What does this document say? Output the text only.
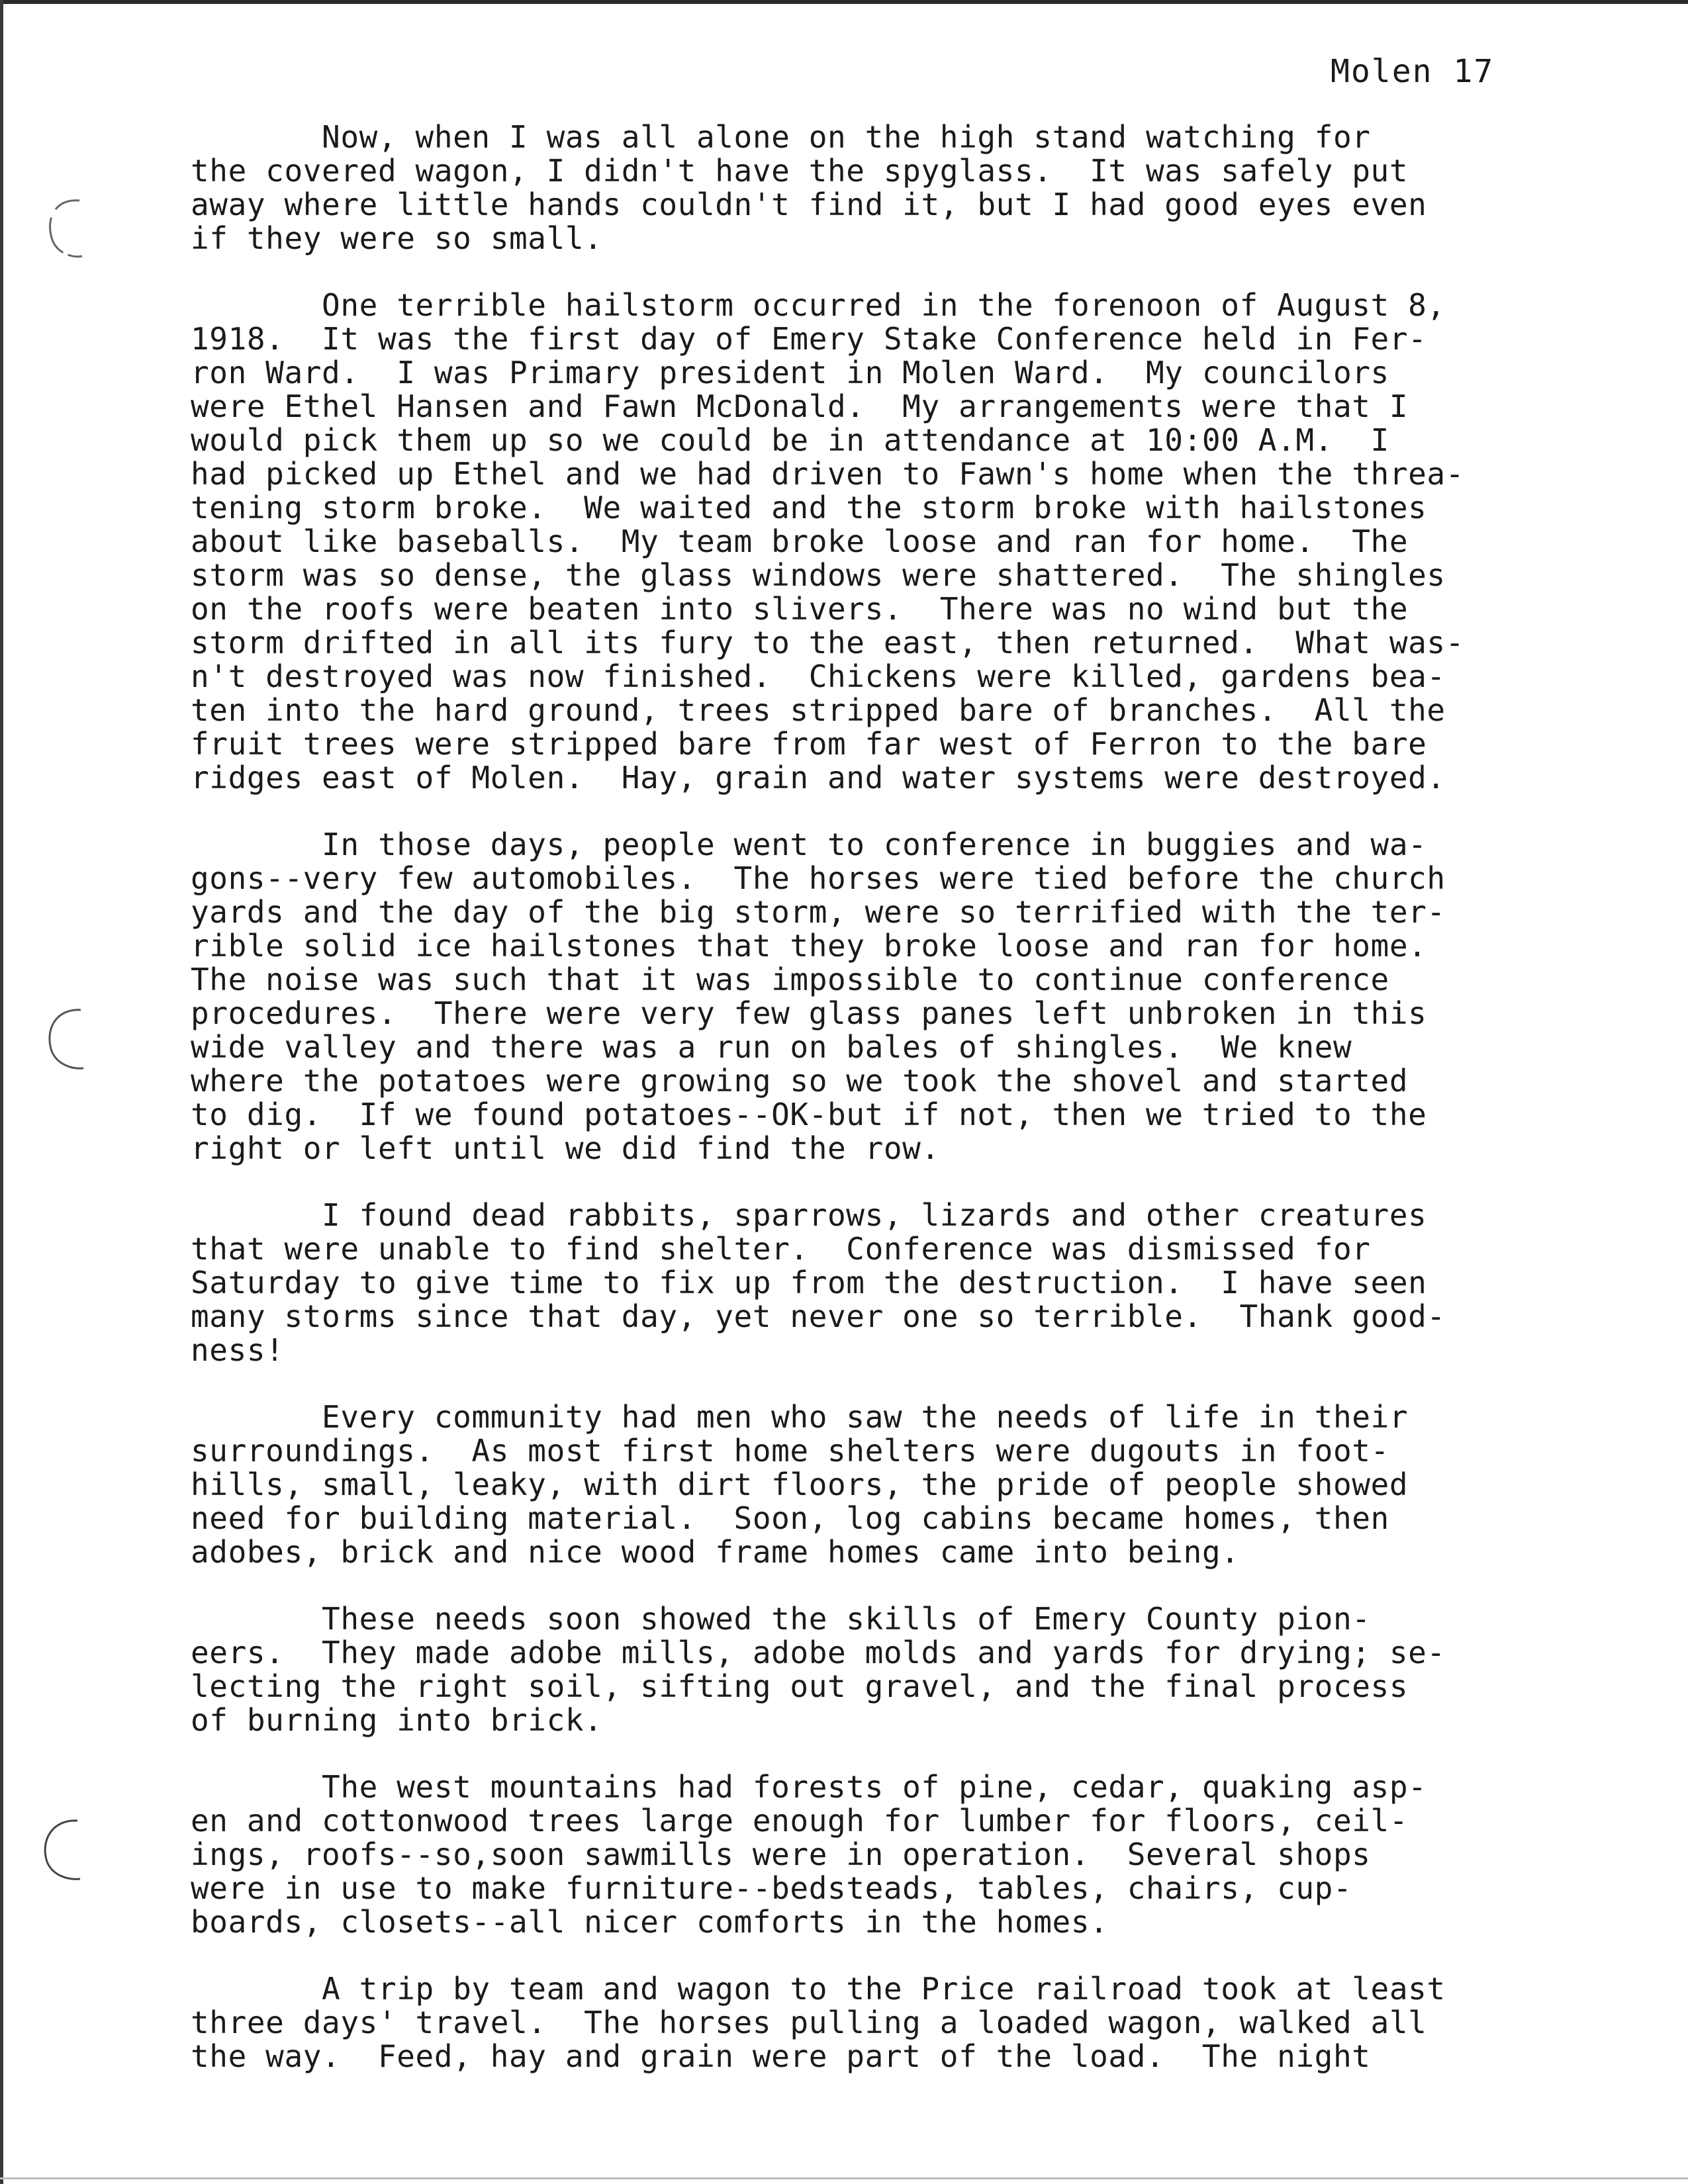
Molen 17
Now, when I was all alone on the high stand watching for
the covered wagon, I didn't have the spyglass.  It was safely put
away where little hands couldn't find it, but I had good eyes even
if they were so small.
One terrible hailstorm occurred in the forenoon of August 8,
1918.  It was the first day of Emery Stake Conference held in Fer-
ron Ward.  I was Primary president in Molen Ward.  My councilors
were Ethel Hansen and Fawn McDonald.  My arrangements were that I
would pick them up so we could be in attendance at 10:00 A.M.  I
had picked up Ethel and we had driven to Fawn's home when the threa-
tening storm broke.  We waited and the storm broke with hailstones
about like baseballs.  My team broke loose and ran for home.  The
storm was so dense, the glass windows were shattered.  The shingles
on the roofs were beaten into slivers.  There was no wind but the
storm drifted in all its fury to the east, then returned.  What was-
n't destroyed was now finished.  Chickens were killed, gardens bea-
ten into the hard ground, trees stripped bare of branches.  All the
fruit trees were stripped bare from far west of Ferron to the bare
ridges east of Molen.  Hay, grain and water systems were destroyed.
In those days, people went to conference in buggies and wa-
gons--very few automobiles.  The horses were tied before the church
yards and the day of the big storm, were so terrified with the ter-
rible solid ice hailstones that they broke loose and ran for home.
The noise was such that it was impossible to continue conference
procedures.  There were very few glass panes left unbroken in this
wide valley and there was a run on bales of shingles.  We knew
where the potatoes were growing so we took the shovel and started
to dig.  If we found potatoes--OK-but if not, then we tried to the
right or left until we did find the row.
I found dead rabbits, sparrows, lizards and other creatures
that were unable to find shelter.  Conference was dismissed for
Saturday to give time to fix up from the destruction.  I have seen
many storms since that day, yet never one so terrible.  Thank good-
ness!
Every community had men who saw the needs of life in their
surroundings.  As most first home shelters were dugouts in foot-
hills, small, leaky, with dirt floors, the pride of people showed
need for building material.  Soon, log cabins became homes, then
adobes, brick and nice wood frame homes came into being.
These needs soon showed the skills of Emery County pion-
eers.  They made adobe mills, adobe molds and yards for drying; se-
lecting the right soil, sifting out gravel, and the final process
of burning into brick.
The west mountains had forests of pine, cedar, quaking asp-
en and cottonwood trees large enough for lumber for floors, ceil-
ings, roofs--so,soon sawmills were in operation.  Several shops
were in use to make furniture--bedsteads, tables, chairs, cup-
boards, closets--all nicer comforts in the homes.
A trip by team and wagon to the Price railroad took at least
three days' travel.  The horses pulling a loaded wagon, walked all
the way.  Feed, hay and grain were part of the load.  The night
